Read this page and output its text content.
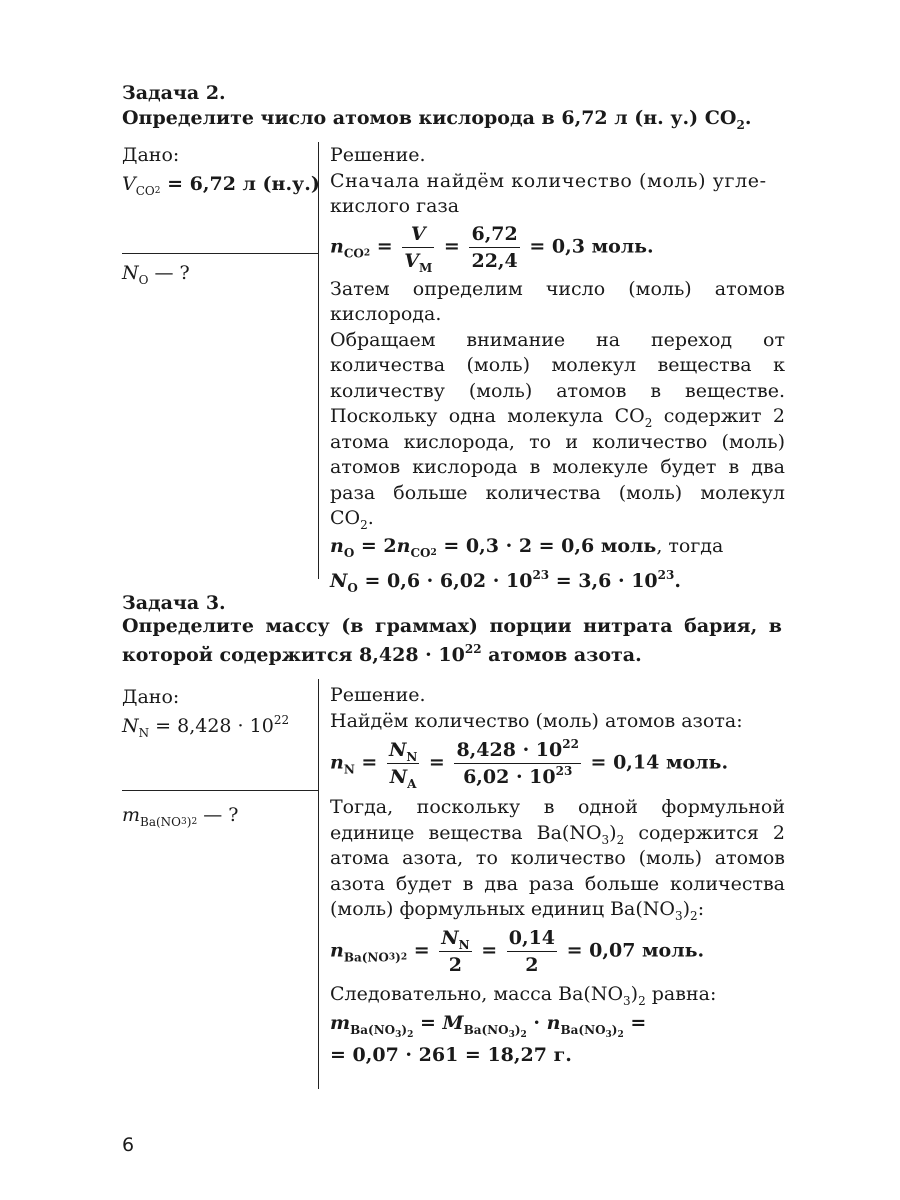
Задача 2.

Определите число атомов кислорода в 6,72 л (н. у.) $CO_2$.

Дано:
$V_{CO}2 = 6,72$ л (н.у.)
$N_O$ — ?

Решение.

Сначала найдём количество (моль) угле-

кислого газа

$n_{CO}2 = \frac{V}{V_M} = \frac{6,72}{22,4} = 0,3$ моль.

Затем определим число (моль) атомов кислорода.

Обращаем внимание на переход от количества (моль) молекул вещества к количеству (моль) атомов в веществе. Поскольку одна молекула $CO_2$ содержит 2 атома кислорода, то и количество (моль) атомов кислорода в молекуле будет в два раза больше количества (моль) молекул $CO_2$.

$n_O = 2n_{CO}2 = 0,3 \cdot 2 = 0,6$ моль, тогда

$N_O = 0,6 \cdot 6,02 \cdot 10^{23} = 3,6 \cdot 10^{23}$.

Задача 3.

Определите массу (в граммах) порции нитрата бария, в которой содержится $8,428 \cdot 10^{22}$ атомов азота.

Дано:
$N_N = 8,428 \cdot 10^{22}$
$m_{Ba(NO}3_)2$ — ?

Решение.

Найдём количество (моль) атомов азота:

$n_N = \frac{N_N}{N_A} = \frac{8,428 \cdot 10^{22}}{6,02 \cdot 10^{23}} = 0,14$ моль.

Тогда, поскольку в одной формульной единице вещества $Ba(NO_3)_2$ содержится 2 атома азота, то количество (моль) атомов азота будет в два раза больше количества (моль) формульных единиц $Ba(NO_3)_2$:

$n_{Ba(NO}3_)2 = \frac{N_N}{2} = \frac{0,14}{2} = 0,07$ моль.

Следовательно, масса $Ba(NO_3)_2$ равна:

$m_{Ba(NO_3)_2} = M_{Ba(NO_3)_2} \cdot n_{Ba(NO_3)_2}$ =

= 0,07 · 261 = 18,27 г.

6
